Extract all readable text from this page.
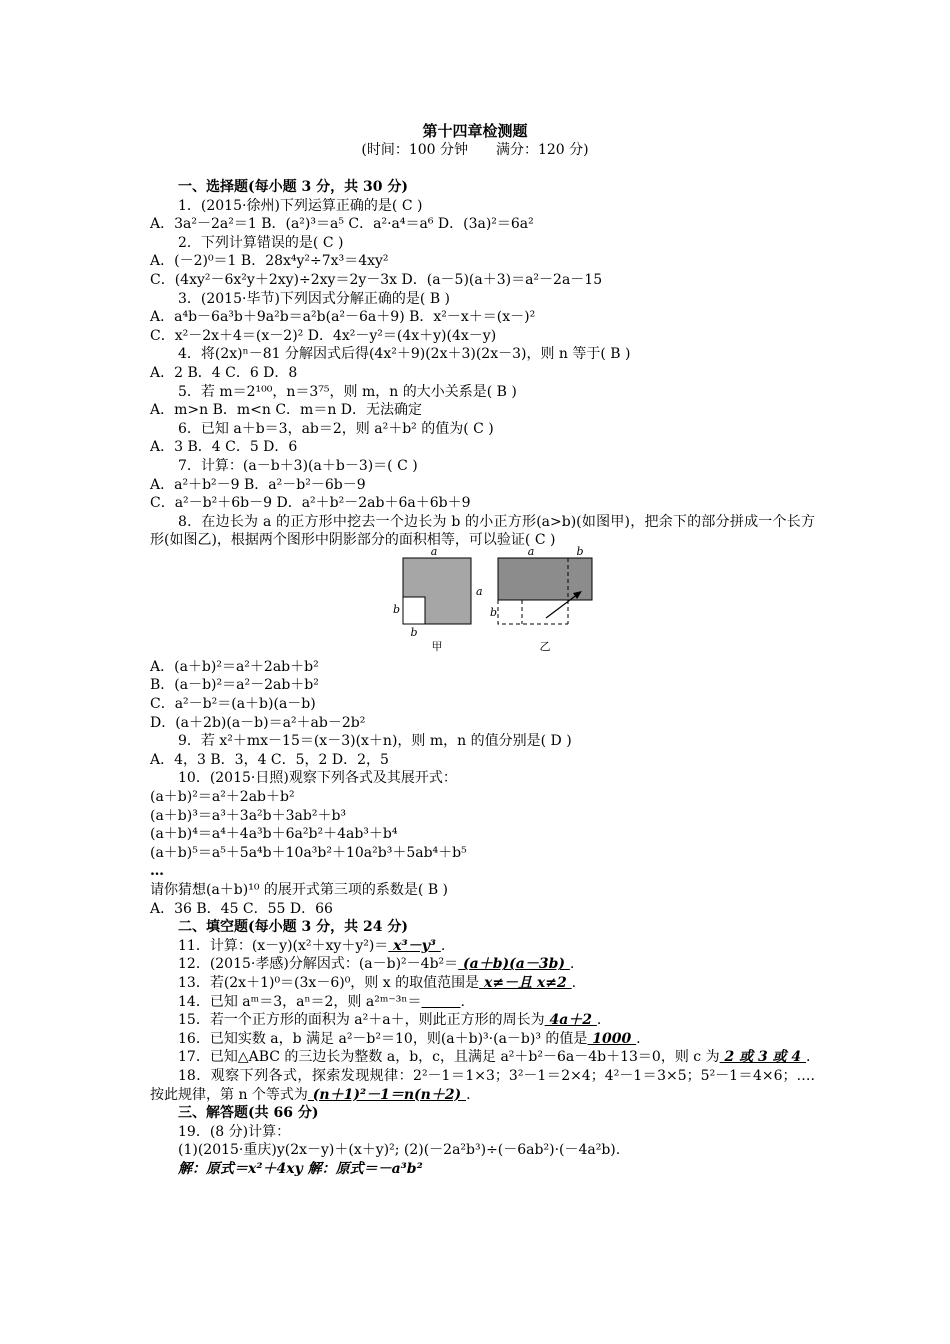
第十四章检测题
(时间：100 分钟　　满分：120 分)
一、选择题(每小题 3 分，共 30 分)
1．(2015·徐州)下列运算正确的是( C )
A．3a²－2a²＝1 B．(a²)³＝a⁵ C．a²·a⁴＝a⁶ D．(3a)²＝6a²
2．下列计算错误的是( C )
A．(－2)⁰＝1 B．28x⁴y²÷7x³＝4xy²
C．(4xy²－6x²y＋2xy)÷2xy＝2y－3x D．(a－5)(a＋3)＝a²－2a－15
3．(2015·毕节)下列因式分解正确的是( B )
A．a⁴b－6a³b＋9a²b＝a²b(a²－6a＋9) B．x²－x＋＝(x－)²
C．x²－2x＋4＝(x－2)² D．4x²－y²＝(4x＋y)(4x－y)
4．将(2x)ⁿ－81 分解因式后得(4x²＋9)(2x＋3)(2x－3)，则 n 等于( B )
A．2 B．4 C．6 D．8
5．若 m＝2¹⁰⁰，n＝3⁷⁵，则 m，n 的大小关系是( B )
A．m>n B．m<n C．m＝n D．无法确定
6．已知 a＋b＝3，ab＝2，则 a²＋b² 的值为( C )
A．3 B．4 C．5 D．6
7．计算：(a－b＋3)(a＋b－3)＝( C )
A．a²＋b²－9 B．a²－b²－6b－9
C．a²－b²＋6b－9 D．a²＋b²－2ab＋6a＋6b＋9
8．在边长为 a 的正方形中挖去一个边长为 b 的小正方形(a>b)(如图甲)，把余下的部分拼成一个长方形(如图乙)，根据两个图形中阴影部分的面积相等，可以验证( C )
a
a
b
b
甲
b
a	b
乙
A．(a＋b)²＝a²＋2ab＋b²
B．(a－b)²＝a²－2ab＋b²
C．a²－b²＝(a＋b)(a－b)
D．(a＋2b)(a－b)＝a²＋ab－2b²
9．若 x²＋mx－15＝(x－3)(x＋n)，则 m，n 的值分别是( D )
A．4，3 B．3，4 C．5，2 D．2，5
10．(2015·日照)观察下列各式及其展开式：
(a＋b)²＝a²＋2ab＋b²
(a＋b)³＝a³＋3a²b＋3ab²＋b³
(a＋b)⁴＝a⁴＋4a³b＋6a²b²＋4ab³＋b⁴
(a＋b)⁵＝a⁵＋5a⁴b＋10a³b²＋10a²b³＋5ab⁴＋b⁵
…
请你猜想(a＋b)¹⁰ 的展开式第三项的系数是( B )
A．36 B．45 C．55 D．66
二、填空题(每小题 3 分，共 24 分)
11．计算：(x－y)(x²＋xy＋y²)＝ x³－y³ .
12．(2015·孝感)分解因式：(a－b)²－4b²＝ (a＋b)(a－3b) .
13．若(2x＋1)⁰＝(3x－6)⁰，则 x 的取值范围是 x≠－且 x≠2 .
14．已知 aᵐ＝3，aⁿ＝2，则 a²ᵐ⁻³ⁿ＝	.
15．若一个正方形的面积为 a²＋a＋，则此正方形的周长为 4a＋2 .
16．已知实数 a，b 满足 a²－b²＝10，则(a＋b)³·(a－b)³ 的值是 1000 .
17．已知△ABC 的三边长为整数 a，b，c，且满足 a²＋b²－6a－4b＋13＝0，则 c 为 2 或 3 或 4 .
18．观察下列各式，探索发现规律：2²－1＝1×3；3²－1＝2×4；4²－1＝3×5；5²－1＝4×6；….按此规律，第 n 个等式为 (n＋1)²－1＝n(n＋2) .
三、解答题(共 66 分)
19．(8 分)计算：
(1)(2015·重庆)y(2x－y)＋(x＋y)²; (2)(－2a²b³)÷(－6ab²)·(－4a²b).
解：原式＝x²＋4xy 解：原式＝－a³b²
